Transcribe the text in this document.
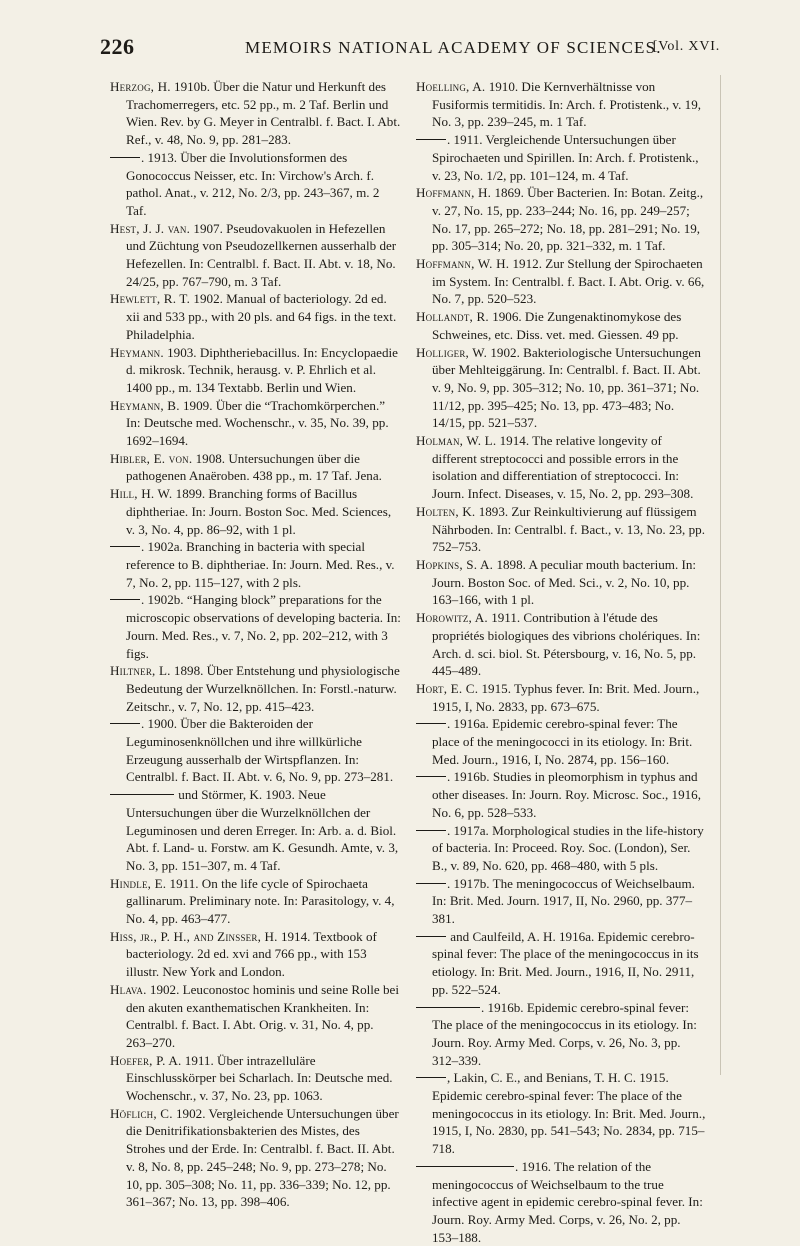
226	MEMOIRS NATIONAL ACADEMY OF SCIENCES.
[Vol. XVI.

Herzog, H. 1910b. Über die Natur und Herkunft des Trachomerregers, etc. 52 pp., m. 2 Taf. Berlin und Wien. Rev. by G. Meyer in Centralbl. f. Bact. I. Abt. Ref., v. 48, No. 9, pp. 281–283.

. 1913. Über die Involutionsformen des Gonococcus Neisser, etc. In: Virchow's Arch. f. pathol. Anat., v. 212, No. 2/3, pp. 243–367, m. 2 Taf.

Hest, J. J. van. 1907. Pseudovakuolen in Hefezellen und Züchtung von Pseudozellkernen ausserhalb der Hefezellen. In: Centralbl. f. Bact. II. Abt. v. 18, No. 24/25, pp. 767–790, m. 3 Taf.

Hewlett, R. T. 1902. Manual of bacteriology. 2d ed. xii and 533 pp., with 20 pls. and 64 figs. in the text. Philadelphia.

Heymann. 1903. Diphtheriebacillus. In: Encyclopaedie d. mikrosk. Technik, herausg. v. P. Ehrlich et al. 1400 pp., m. 134 Textabb. Berlin und Wien.

Heymann, B. 1909. Über die “Trachomkörperchen.” In: Deutsche med. Wochenschr., v. 35, No. 39, pp. 1692–1694.

Hibler, E. von. 1908. Untersuchungen über die pathogenen Anaëroben. 438 pp., m. 17 Taf. Jena.

Hill, H. W. 1899. Branching forms of Bacillus diphtheriae. In: Journ. Boston Soc. Med. Sciences, v. 3, No. 4, pp. 86–92, with 1 pl.

. 1902a. Branching in bacteria with special reference to B. diphtheriae. In: Journ. Med. Res., v. 7, No. 2, pp. 115–127, with 2 pls.

. 1902b. “Hanging block” preparations for the microscopic observations of developing bacteria. In: Journ. Med. Res., v. 7, No. 2, pp. 202–212, with 3 figs.

Hiltner, L. 1898. Über Entstehung und physiologische Bedeutung der Wurzelknöllchen. In: Forstl.-naturw. Zeitschr., v. 7, No. 12, pp. 415–423.

. 1900. Über die Bakteroiden der Leguminosenknöllchen und ihre willkürliche Erzeugung ausserhalb der Wirtspflanzen. In: Centralbl. f. Bact. II. Abt. v. 6, No. 9, pp. 273–281.

und Störmer, K. 1903. Neue Untersuchungen über die Wurzelknöllchen der Leguminosen und deren Erreger. In: Arb. a. d. Biol. Abt. f. Land- u. Forstw. am K. Gesundh. Amte, v. 3, No. 3, pp. 151–307, m. 4 Taf.

Hindle, E. 1911. On the life cycle of Spirochaeta gallinarum. Preliminary note. In: Parasitology, v. 4, No. 4, pp. 463–477.

Hiss, jr., P. H., and Zinsser, H. 1914. Textbook of bacteriology. 2d ed. xvi and 766 pp., with 153 illustr. New York and London.

Hlava. 1902. Leuconostoc hominis und seine Rolle bei den akuten exanthematischen Krankheiten. In: Centralbl. f. Bact. I. Abt. Orig. v. 31, No. 4, pp. 263–270.

Hoefer, P. A. 1911. Über intrazelluläre Einschlusskörper bei Scharlach. In: Deutsche med. Wochenschr., v. 37, No. 23, pp. 1063.

Höflich, C. 1902. Vergleichende Untersuchungen über die Denitrifikationsbakterien des Mistes, des Strohes und der Erde. In: Centralbl. f. Bact. II. Abt. v. 8, No. 8, pp. 245–248; No. 9, pp. 273–278; No. 10, pp. 305–308; No. 11, pp. 336–339; No. 12, pp. 361–367; No. 13, pp. 398–406.

Hoelling, A. 1910. Die Kernverhältnisse von Fusiformis termitidis. In: Arch. f. Protistenk., v. 19, No. 3, pp. 239–245, m. 1 Taf.

. 1911. Vergleichende Untersuchungen über Spirochaeten und Spirillen. In: Arch. f. Protistenk., v. 23, No. 1/2, pp. 101–124, m. 4 Taf.

Hoffmann, H. 1869. Über Bacterien. In: Botan. Zeitg., v. 27, No. 15, pp. 233–244; No. 16, pp. 249–257; No. 17, pp. 265–272; No. 18, pp. 281–291; No. 19, pp. 305–314; No. 20, pp. 321–332, m. 1 Taf.

Hoffmann, W. H. 1912. Zur Stellung der Spirochaeten im System. In: Centralbl. f. Bact. I. Abt. Orig. v. 66, No. 7, pp. 520–523.

Hollandt, R. 1906. Die Zungenaktinomykose des Schweines, etc. Diss. vet. med. Giessen. 49 pp.

Holliger, W. 1902. Bakteriologische Untersuchungen über Mehlteiggärung. In: Centralbl. f. Bact. II. Abt. v. 9, No. 9, pp. 305–312; No. 10, pp. 361–371; No. 11/12, pp. 395–425; No. 13, pp. 473–483; No. 14/15, pp. 521–537.

Holman, W. L. 1914. The relative longevity of different streptococci and possible errors in the isolation and differentiation of streptococci. In: Journ. Infect. Diseases, v. 15, No. 2, pp. 293–308.

Holten, K. 1893. Zur Reinkultivierung auf flüssigem Nährboden. In: Centralbl. f. Bact., v. 13, No. 23, pp. 752–753.

Hopkins, S. A. 1898. A peculiar mouth bacterium. In: Journ. Boston Soc. of Med. Sci., v. 2, No. 10, pp. 163–166, with 1 pl.

Horowitz, A. 1911. Contribution à l'étude des propriétés biologiques des vibrions cholériques. In: Arch. d. sci. biol. St. Pétersbourg, v. 16, No. 5, pp. 445–489.

Hort, E. C. 1915. Typhus fever. In: Brit. Med. Journ., 1915, I, No. 2833, pp. 673–675.

. 1916a. Epidemic cerebro-spinal fever: The place of the meningococci in its etiology. In: Brit. Med. Journ., 1916, I, No. 2874, pp. 156–160.

. 1916b. Studies in pleomorphism in typhus and other diseases. In: Journ. Roy. Microsc. Soc., 1916, No. 6, pp. 528–533.

. 1917a. Morphological studies in the life-history of bacteria. In: Proceed. Roy. Soc. (London), Ser. B., v. 89, No. 620, pp. 468–480, with 5 pls.

. 1917b. The meningococcus of Weichselbaum. In: Brit. Med. Journ. 1917, II, No. 2960, pp. 377–381.

and Caulfeild, A. H. 1916a. Epidemic cerebro-spinal fever: The place of the meningococcus in its etiology. In: Brit. Med. Journ., 1916, II, No. 2911, pp. 522–524.

. 1916b. Epidemic cerebro-spinal fever: The place of the meningococcus in its etiology. In: Journ. Roy. Army Med. Corps, v. 26, No. 3, pp. 312–339.

, Lakin, C. E., and Benians, T. H. C. 1915. Epidemic cerebro-spinal fever: The place of the meningococcus in its etiology. In: Brit. Med. Journ., 1915, I, No. 2830, pp. 541–543; No. 2834, pp. 715–718.

. 1916. The relation of the meningococcus of Weichselbaum to the true infective agent in epidemic cerebro-spinal fever. In: Journ. Roy. Army Med. Corps, v. 26, No. 2, pp. 153–188.
